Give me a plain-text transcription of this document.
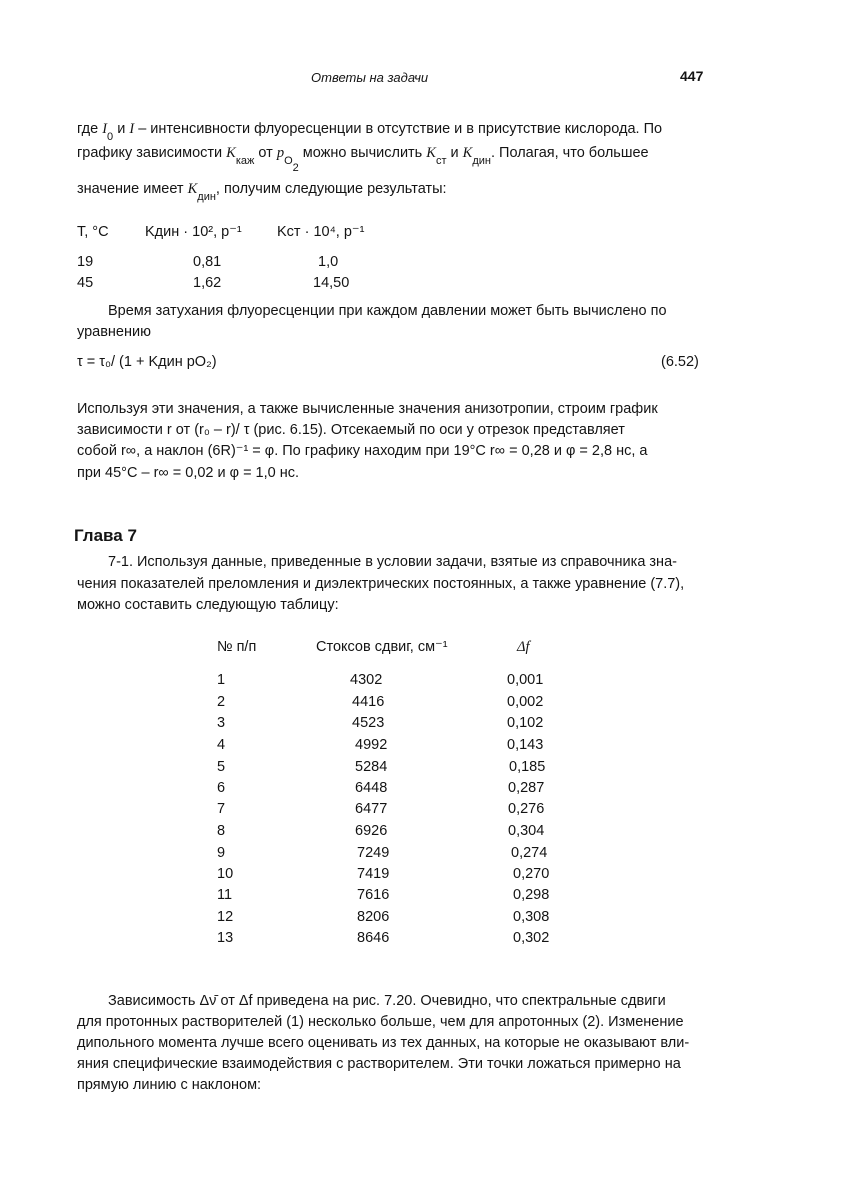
Ответы на задачи	447
где $I_0$ и I – интенсивности флуоресценции в отсутствие и в присутствие кислорода. По
графику зависимости $K_{каж}$ от $p_{O_2}$ можно вычислить $K_{ст}$ и $K_{дин}$. Полагая, что большее
значение имеет $K_{дин}$, получим следующие результаты:
T, °C	Kдин · 10², p⁻¹ Kст · 10⁴, p⁻¹
19	0,81	1,0
45	1,62	14,50
Время затухания флуоресценции при каждом давлении может быть вычислено по
уравнению
τ = τ₀/ (1 + Kдин pO₂)	(6.52)
Используя эти значения, а также вычисленные значения анизотропии, строим график
зависимости r от (r₀ – r)/ τ (рис. 6.15). Отсекаемый по оси y отрезок представляет
собой r∞, а наклон (6R)⁻¹ = φ. По графику находим при 19°C r∞ = 0,28 и φ = 2,8 нс, а
при 45°C – r∞ = 0,02 и φ = 1,0 нс.
Глава 7
7-1. Используя данные, приведенные в условии задачи, взятые из справочника зна-
чения показателей преломления и диэлектрических постоянных, а также уравнение (7.7),
можно составить следующую таблицу:
№ п/п	Стоксов сдвиг, см⁻¹	Δf
1	4302	0,001
2	4416	0,002
3	4523	0,102
4	4992	0,143
5	5284	0,185
6	6448	0,287
7	6477	0,276
8	6926	0,304
9	7249	0,274
10	7419	0,270
11	7616	0,298
12	8206	0,308
13	8646	0,302
Зависимость Δν̄ от Δf приведена на рис. 7.20. Очевидно, что спектральные сдвиги
для протонных растворителей (1) несколько больше, чем для апротонных (2). Изменение
дипольного момента лучше всего оценивать из тех данных, на которые не оказывают вли-
яния специфические взаимодействия с растворителем. Эти точки ложаться примерно на
прямую линию с наклоном:
